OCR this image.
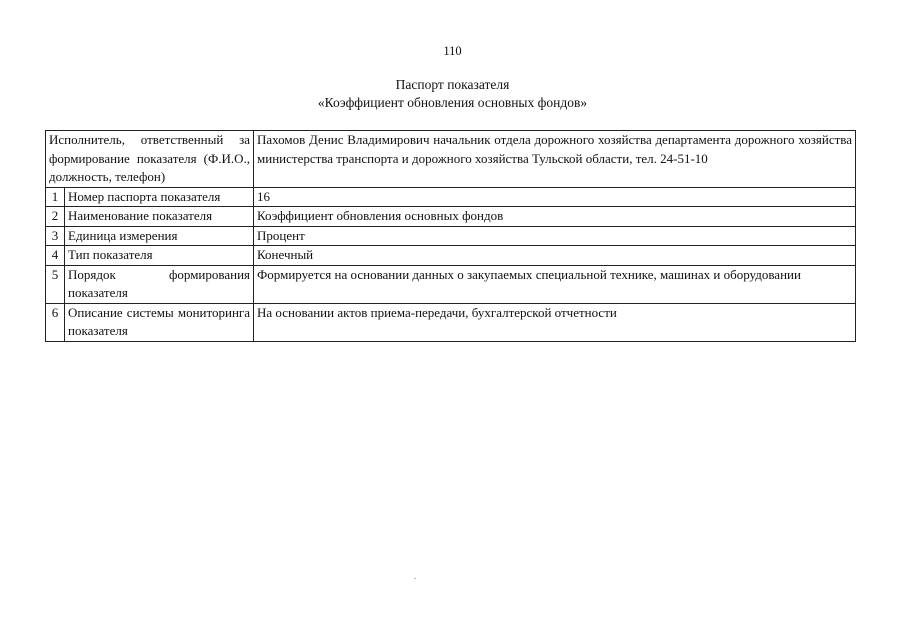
110
Паспорт показателя
«Коэффициент обновления основных фондов»
Исполнитель, ответственный за формирование показателя (Ф.И.О., должность, телефон)		Пахомов Денис Владимирович начальник отдела дорожного хозяйства департамента дорожного хозяйства министерства транспорта и дорожного хозяйства Тульской области, тел. 24-51-10
1	Номер паспорта показателя	16
2	Наименование показателя	Коэффициент обновления основных фондов
3	Единица измерения	Процент
4	Тип показателя	Конечный
5	Порядок формирования показателя	Формируется на основании данных о закупаемых специальной технике, машинах и оборудовании
6	Описание системы мониторинга показателя	На основании актов приема-передачи, бухгалтерской отчетности
